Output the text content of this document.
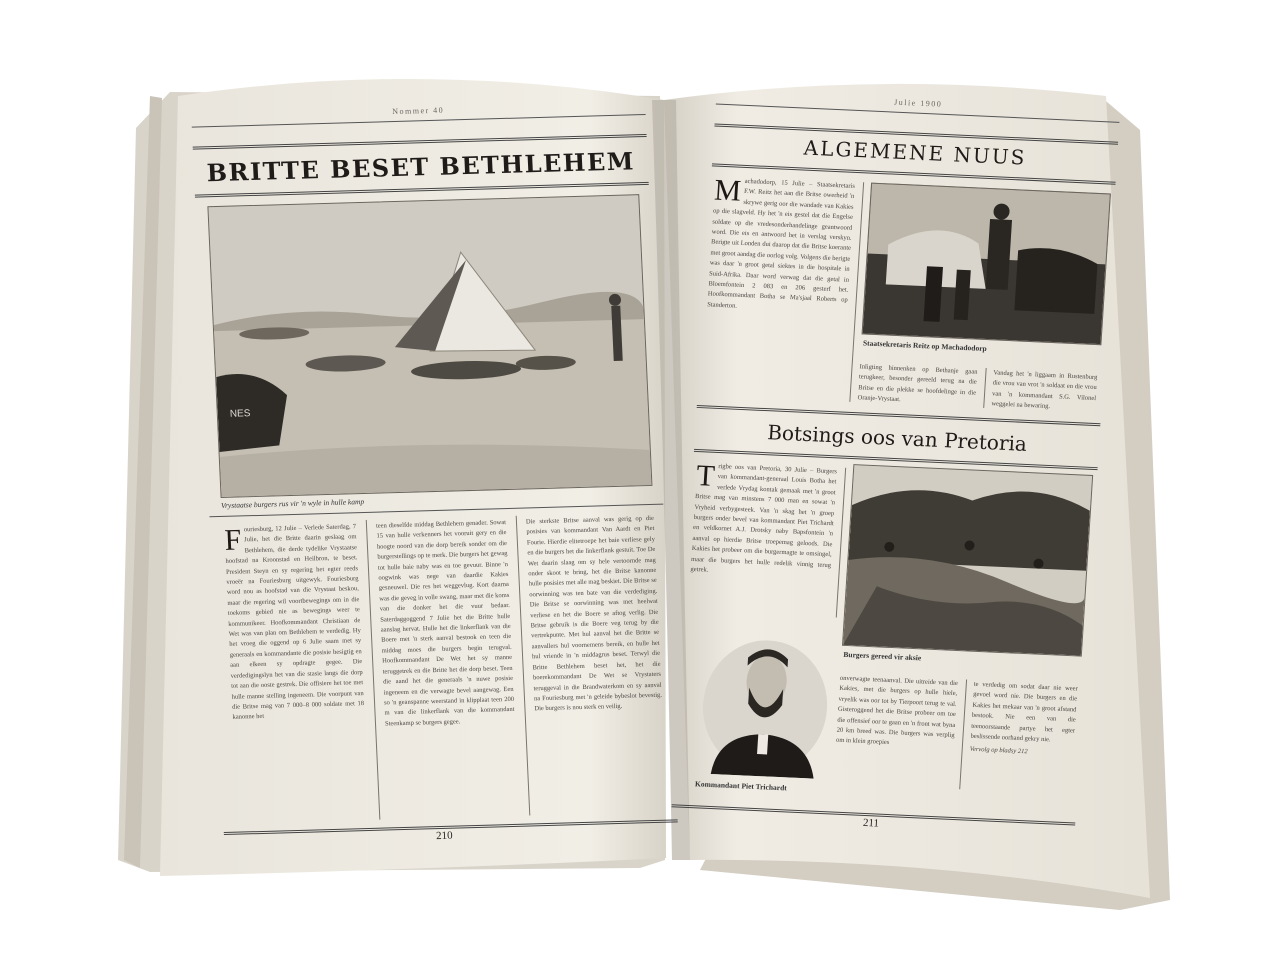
Nommer 40
BRITTE BESET BETHLEHEM
NES
Vrystaatse burgers rus vir 'n wyle in hulle kamp
Fouriesburg, 12 Julie – Verlede Saterdag, 7 Julie, het die Britte daarin geslaag om Bethlehem, die derde tydelike Vrystaatse hoofstad na Kroonstad en Heilbron, te beset. President Steyn en sy regering het egter reeds vroeër na Fouriesburg uitgewyk. Fouriesburg word nou as hoofstad van die Vrystaat beskou, maar die regering wil voortbewegings om in die toekoms gebied nie as bewegings weer te kommunikeer. Hoofkommandant Christiaan de Wet was van plan om Bethlehem te verdedig. Hy het vroeg die oggend op 6 Julie saam met sy generaals en kommandante die posisie besigtig en aan elkeen sy opdragte gegee. Die verdedigingslyn het van die stasie langs die dorp tot aan die ooste gestrek. Die offisiere het toe met hulle manne stelling ingeneem. Die voorpunt van die Britse mag van 7 000–8 000 soldate met 18 kanonne het
teen dieselfde middag Bethlehem genader. Sowat 15 van hulle verkenners het vooruit gery en die hoogte noord van die dorp bereik sonder om die burgerstellings op te merk. Die burgers het gewag tot hulle baie naby was en toe gevuur. Binne 'n oogwink was nege van daardie Kakies gesneuwel. Die res het weggevlug. Kort daarna was die geveg in volle swang, maar met die koms van die donker het die vuur bedaar. Saterdaggoggend 7 Julie het die Britte hulle aanslag hervat. Hulle het die linkerflank van die Boere met 'n sterk aanval bestook en teen die middag moes die burgers begin terugval. Hoofkommandant De Wet het sy manne teruggetrek en die Britte het die dorp beset. Teen die aand het die generaals 'n nuwe posisie ingeneem en die verwagte bevel aangewag. Een so 'n geanspanne weerstand in klipplaat teen 200 m van die linkerflank van die kommandant Steenkamp se burgers gegee.
Die sterkste Britse aanval was gerig op die posisies van kommandant Van Aardt en Piet Fourie. Hierdie elitetroepe het baie verliese gely en die burgers het die linkerflank gestuit. Toe De Wet daarin slaag om sy hele vertoornde mag onder skoot te bring, het die Britse kanonne hulle posisies met alle mag beskiet. Die Britse se oorwinning was ten bate van die verdediging. Die Britse se oorwinning was met heelwat verliese en het die Boere se aftog verlig. Die Britse gebruik is die Boere veg terug by die vertrekpunte. Met hul aanval het die Britte se aanvallers hul voornemens bereik, en hulle het hul vriende in 'n middagrus beset. Terwyl die Britte Bethlehem beset het, het die boerekommandant De Wet se Vrystaters teruggeval in die Brandwaterkom en sy aanval na Fouriesburg met 'n geleide bybeslot bevestig. Die burgers is nou sterk en veilig.
210
Julie 1900
ALGEMENE NUUS
Machadodorp, 15 Julie – Staatsekretaris F.W. Reitz het aan die Britse owerheid 'n skrywe gerig oor die wandade van Kakies op die slagveld. Hy het 'n eis gestel dat die Engelse soldate op die vredesonderhandelinge geantwoord word. Die eis en antwoord het in verslag verskyn. Berigte uit Londen dui daarop dat die Britse koerante met groot aandag die oorlog volg. Volgens die berigte was daar 'n groot getal siektes in die hospitale in Suid-Afrika. Daar word verwag dat die getal in Bloemfontein 2 083 en 206 gesterf het. Hoofkommandant Botha se Ma'sjaal Roberts op Standerton.
Staatsekretaris Reitz op Machadodorp
Inligting hinnenken op Bethanje gaan terugkeer, besonder gereeld terug na die Britse en die plekke se hoofdelinge in die Oranje-Vrystaat.
Vandag het 'n liggaam in Rustenburg die vrou van vrot 'n soldaat en die vrou van 'n kommandant S.G. Vilonel weggelei na bewaring.
Botsings oos van Pretoria
Trigbe oos van Pretoria, 30 Julie – Burgers van kommandant-generaal Louis Botha het verlede Vrydag kontak gemaak met 'n groot Britse mag van minstens 7 000 man en sowat 'n Vryheid verbygesteek. Van 'n skag het 'n groep burgers onder bevel van kommandant Piet Trichardt en veldkornet A.J. Drotsky naby Bapsfontein 'n aanval op hierdie Britse troepemag geloods. Die Kakies het probeer om die burgermagte te omsingel, maar die burgers het hulle redelik vinnig terug getrek.
Burgers gereed vir aksie
Kommandant Piet Trichardt
onverwagte teenaanval. Die uitreide van die Kakies, met die burgers op hulle hiele, vryelik was oor tot by Tierpoort terug te val. Gisteroggend het die Britse probeer om toe die offensief oor te gaan en 'n front wat byna 20 km breed was. Die burgers was verplig om in klein groepies
te verdedig om sodat daar nie weer gevoel word nie. Die burgers en die Kakies het mekaar van 'n groot afstand bestook. Nie een van die teenoorstaande partye het egter beslissende oorhand gekry nie.
Vervolg op bladsy 212
211
